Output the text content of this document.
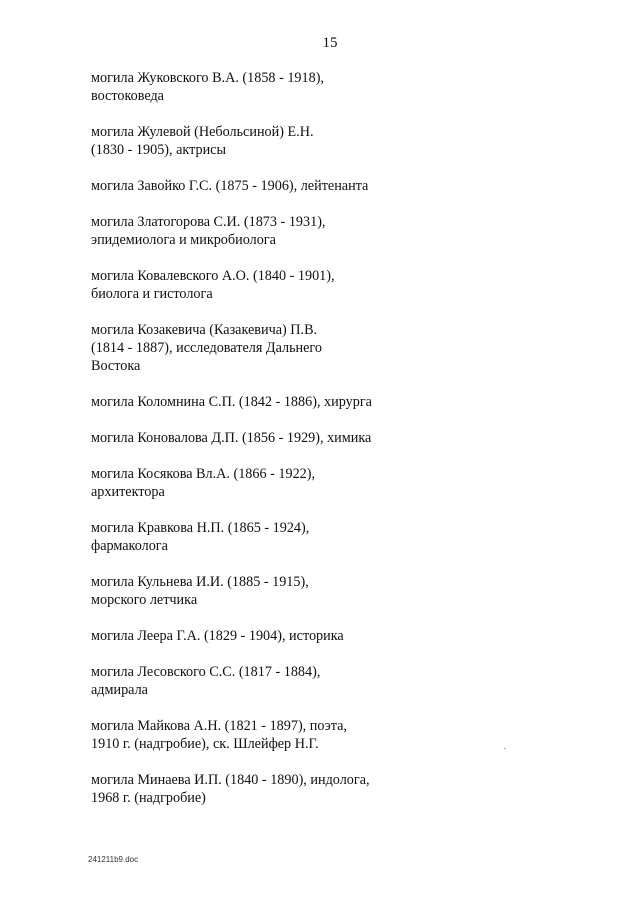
15
могила Жуковского В.А. (1858 - 1918),
востоковеда
могила Жулевой (Небольсиной) Е.Н.
(1830 - 1905), актрисы
могила Завойко Г.С. (1875 - 1906), лейтенанта
могила Златогорова С.И. (1873 - 1931),
эпидемиолога и микробиолога
могила Ковалевского А.О. (1840 - 1901),
биолога и гистолога
могила Козакевича (Казакевича) П.В.
(1814 - 1887), исследователя Дальнего
Востока
могила Коломнина С.П. (1842 - 1886), хирурга
могила Коновалова Д.П. (1856 - 1929), химика
могила Косякова Вл.А. (1866 - 1922),
архитектора
могила Кравкова Н.П. (1865 - 1924),
фармаколога
могила Кульнева И.И. (1885 - 1915),
морского летчика
могила Леера Г.А. (1829 - 1904), историка
могила Лесовского С.С. (1817 - 1884),
адмирала
могила Майкова А.Н. (1821 - 1897), поэта,
1910 г. (надгробие), ск. Шлейфер Н.Г.
могила Минаева И.П. (1840 - 1890), индолога,
1968 г. (надгробие)
241211b9.doc
